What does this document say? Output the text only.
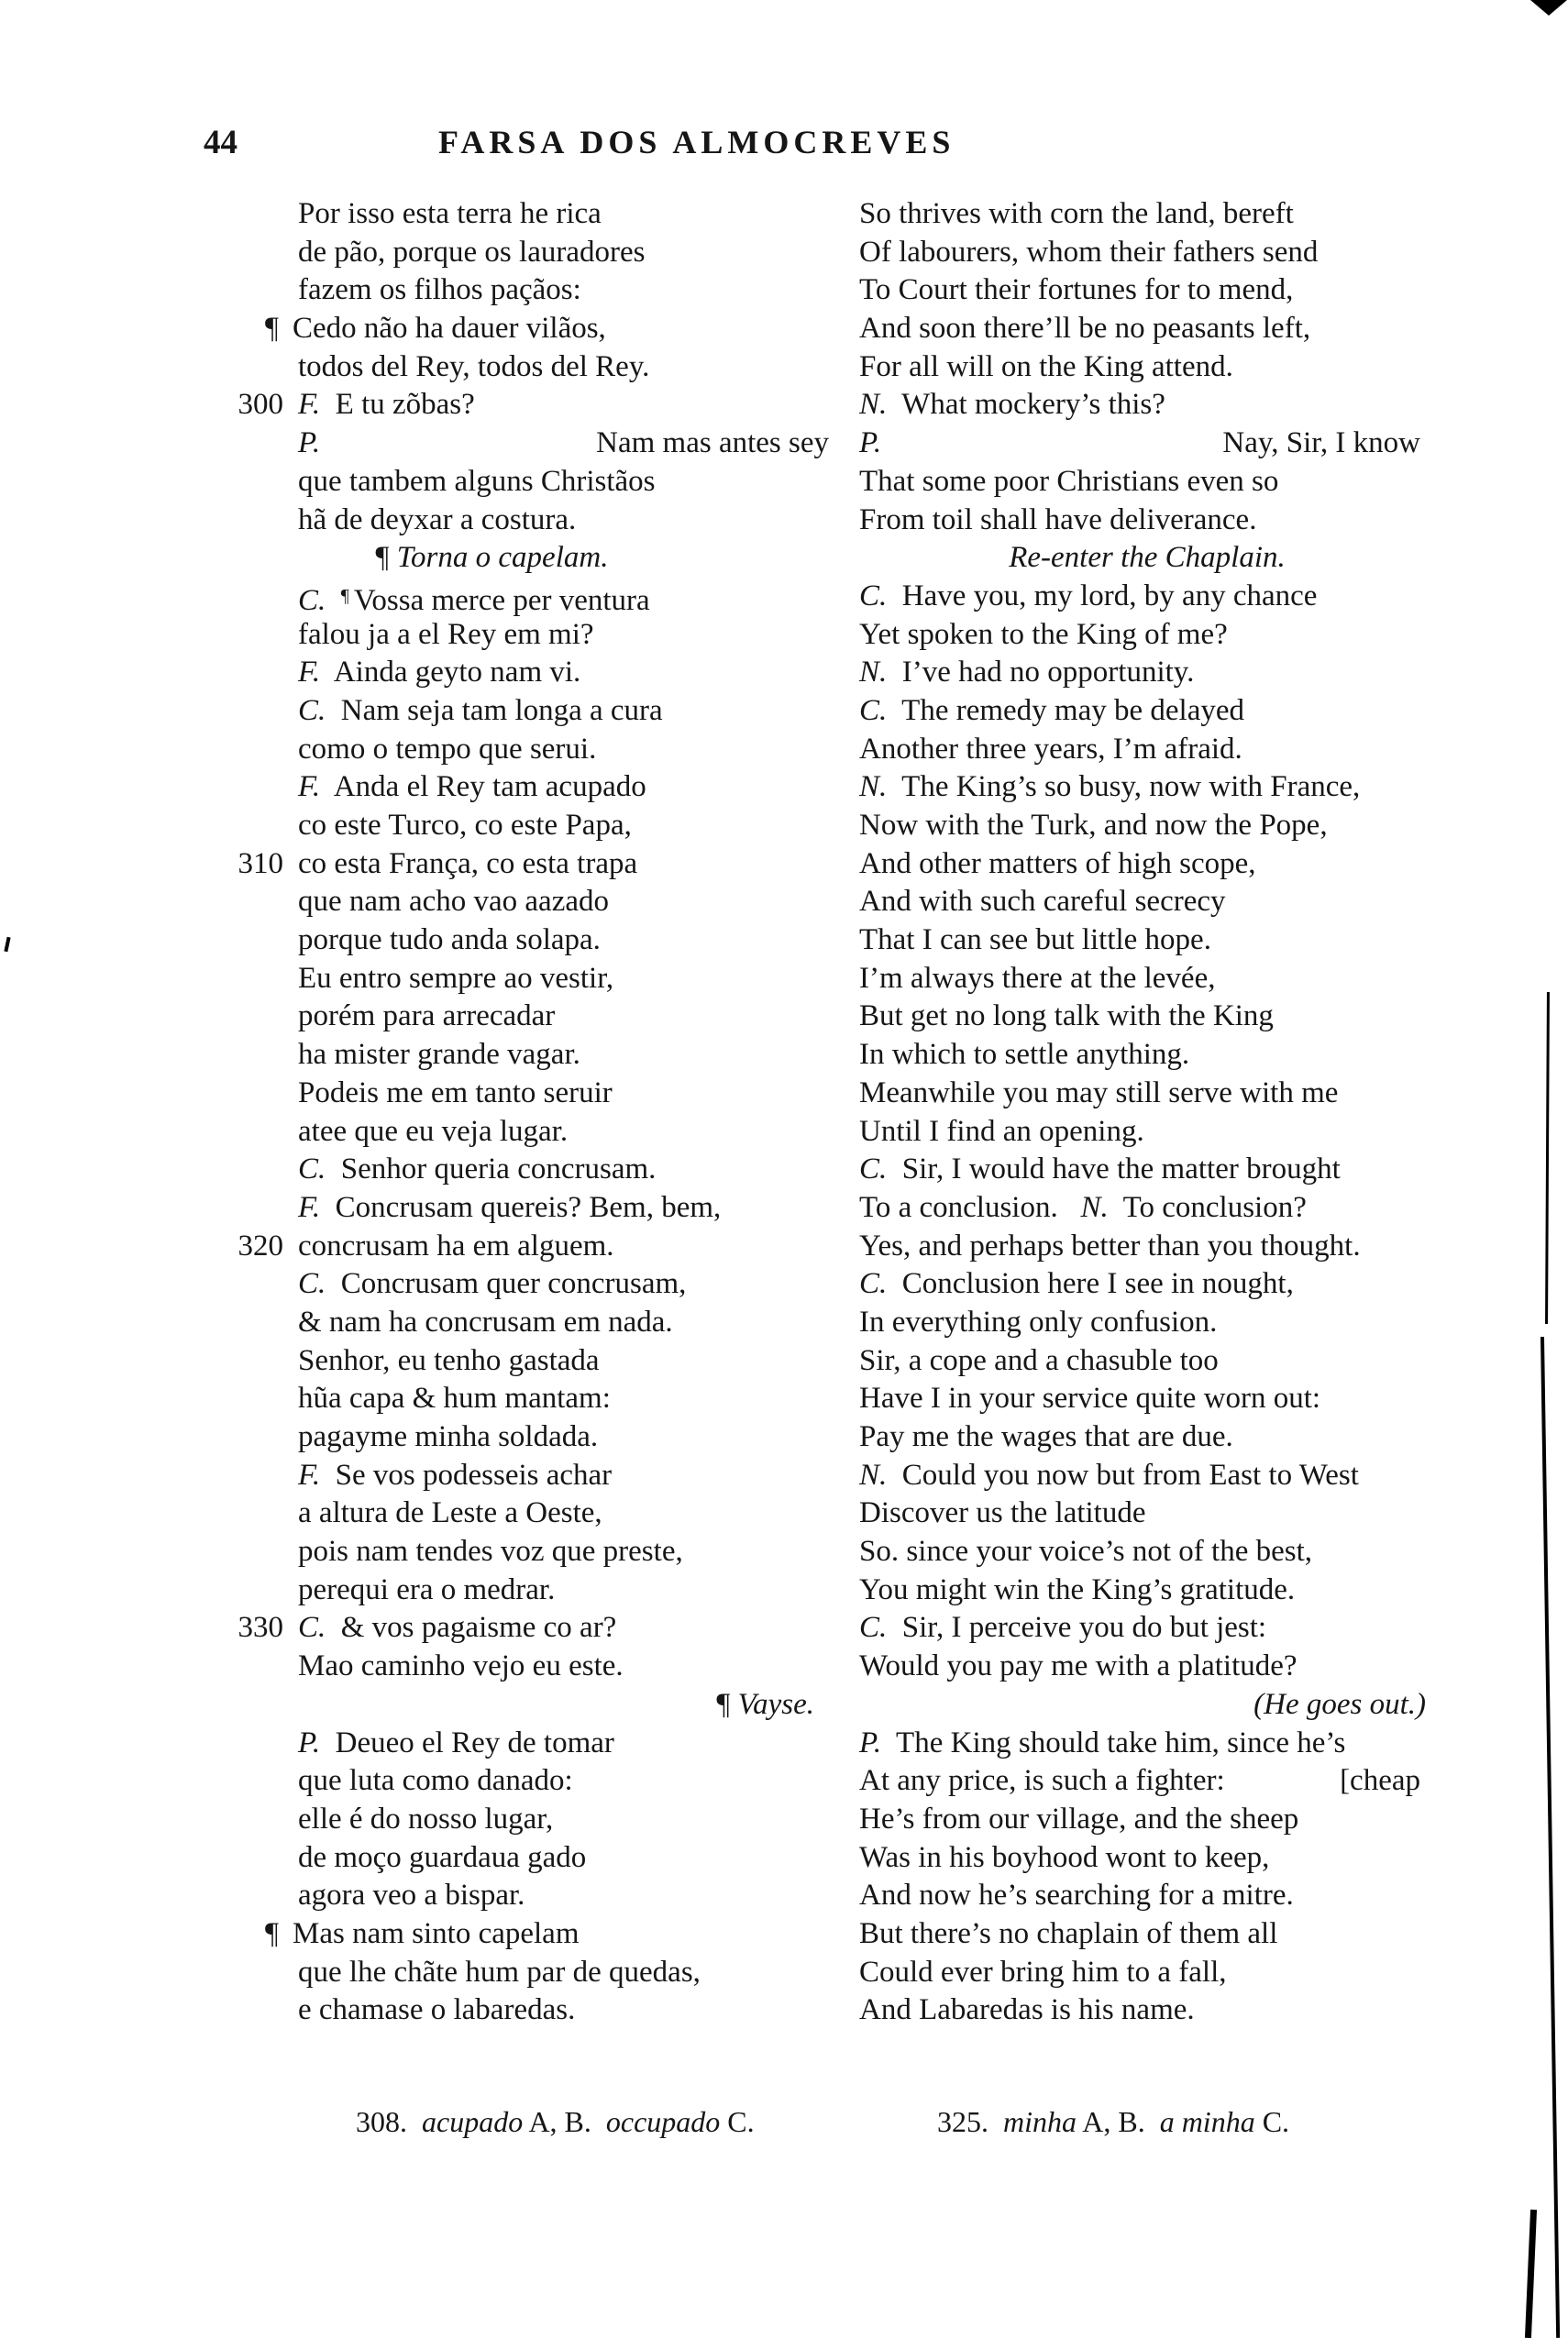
44	FARSA DOS ALMOCREVES
Por isso esta terra he rica
de pão, porque os lauradores
fazem os filhos paçãos:
¶ Cedo não ha dauer vilãos,
todos del Rey, todos del Rey.
300 F.  E tu zõbas?
P.	Nam mas antes sey
que tambem alguns Christãos
hã de deyxar a costura.
¶ Torna o capelam.
C. ¶ Vossa merce per ventura
falou ja a el Rey em mi?
F.  Ainda geyto nam vi.
C.  Nam seja tam longa a cura
como o tempo que serui.
F.  Anda el Rey tam acupado
co este Turco, co este Papa,
310 co esta França, co esta trapa
que nam acho vao aazado
porque tudo anda solapa.
Eu entro sempre ao vestir,
porém para arrecadar
ha mister grande vagar.
Podeis me em tanto seruir
atee que eu veja lugar.
C.  Senhor queria concrusam.
F.  Concrusam quereis? Bem, bem,
320 concrusam ha em alguem.
C.  Concrusam quer concrusam,
& nam ha concrusam em nada.
Senhor, eu tenho gastada
hũa capa & hum mantam:
pagayme minha soldada.
F.  Se vos podesseis achar
a altura de Leste a Oeste,
pois nam tendes voz que preste,
perequi era o medrar.
330 C.  & vos pagaisme co ar?
Mao caminho vejo eu este.
¶ Vayse.
P.  Deueo el Rey de tomar
que luta como danado:
elle é do nosso lugar,
de moço guardaua gado
agora veo a bispar.
¶ Mas nam sinto capelam
que lhe chãte hum par de quedas,
e chamase o labaredas.
So thrives with corn the land, bereft
Of labourers, whom their fathers send
To Court their fortunes for to mend,
And soon there’ll be no peasants left,
For all will on the King attend.
N.  What mockery’s this?
P.	Nay, Sir, I know
That some poor Christians even so
From toil shall have deliverance.
Re-enter the Chaplain.
C.  Have you, my lord, by any chance
Yet spoken to the King of me?
N.  I’ve had no opportunity.
C.  The remedy may be delayed
Another three years, I’m afraid.
N.  The King’s so busy, now with France,
Now with the Turk, and now the Pope,
And other matters of high scope,
And with such careful secrecy
That I can see but little hope.
I’m always there at the levée,
But get no long talk with the King
In which to settle anything.
Meanwhile you may still serve with me
Until I find an opening.
C.  Sir, I would have the matter brought
To a conclusion.   N.  To conclusion?
Yes, and perhaps better than you thought.
C.  Conclusion here I see in nought,
In everything only confusion.
Sir, a cope and a chasuble too
Have I in your service quite worn out:
Pay me the wages that are due.
N.  Could you now but from East to West
Discover us the latitude
So. since your voice’s not of the best,
You might win the King’s gratitude.
C.  Sir, I perceive you do but jest:
Would you pay me with a platitude?
(He goes out.)
P.  The King should take him, since he’s
At any price, is such a fighter:	[cheap
He’s from our village, and the sheep
Was in his boyhood wont to keep,
And now he’s searching for a mitre.
But there’s no chaplain of them all
Could ever bring him to a fall,
And Labaredas is his name.
308. acupado A, B.  occupado C.	325. minha A, B.  a minha C.
